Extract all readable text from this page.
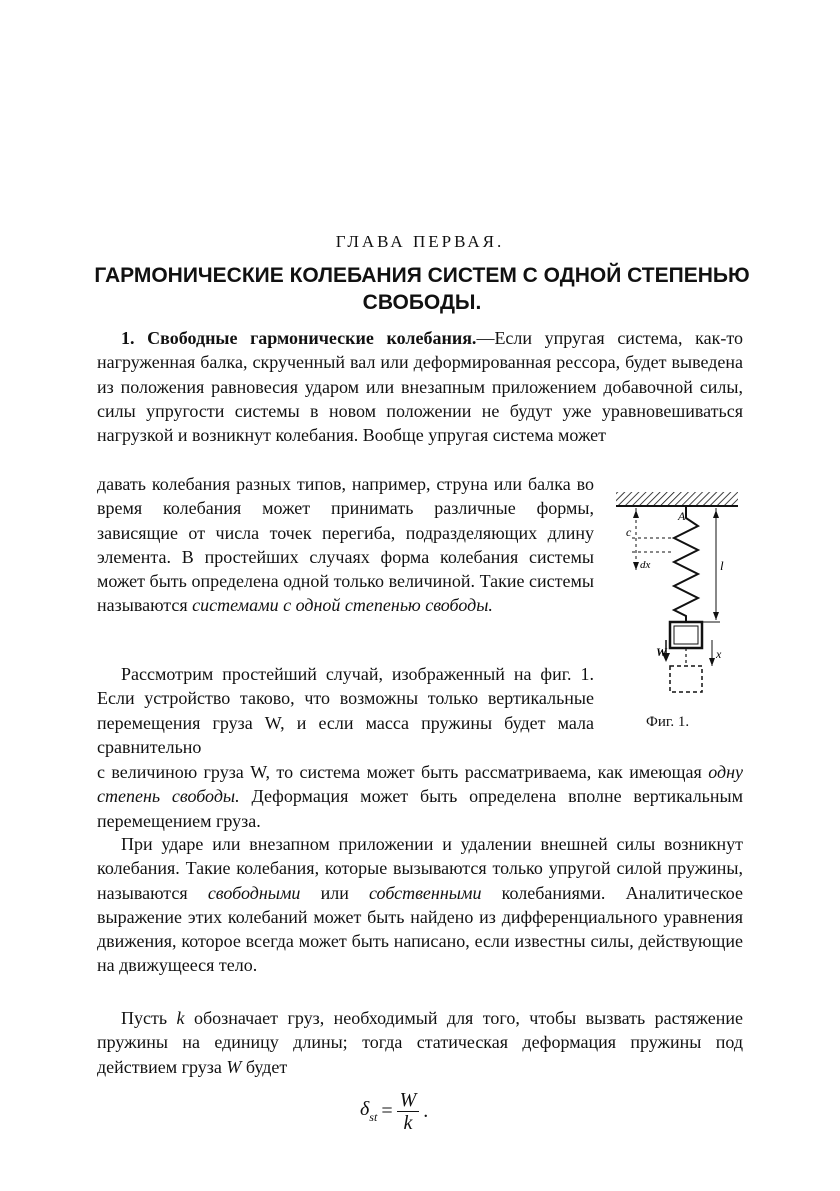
ГЛАВА ПЕРВАЯ.
ГАРМОНИЧЕСКИЕ КОЛЕБАНИЯ СИСТЕМ С ОДНОЙ СТЕПЕНЬЮ СВОБОДЫ.
1. Свободные гармонические колебания.—Если упругая система, как-то нагруженная балка, скрученный вал или деформированная рессора, будет выведена из положения равновесия ударом или внезапным приложением добавочной силы, силы упругости системы в новом положении не будут уже уравновешиваться нагрузкой и возникнут колебания. Вообще упругая система может
давать колебания разных типов, например, струна или балка во время колебания может принимать различные формы, зависящие от числа точек перегиба, подразделяющих длину элемента. В простейших случаях форма колебания системы может быть определена одной только величиной. Такие системы называются системами с одной степенью свободы.
Рассмотрим простейший случай, изображенный на фиг. 1. Если устройство таково, что возможны только вертикальные перемещения груза W, и если масса пружины будет мала сравнительно
с величиною груза W, то система может быть рассматриваема, как имеющая одну степень свободы. Деформация может быть определена вполне вертикальным перемещением груза.
При ударе или внезапном приложении и удалении внешней силы возникнут колебания. Такие колебания, которые вызываются только упругой силой пружины, называются свободными или собственными колебаниями. Аналитическое выражение этих колебаний может быть найдено из дифференциального уравнения движения, которое всегда может быть написано, если известны силы, действующие на движущееся тело.
Пусть k обозначает груз, необходимый для того, чтобы вызвать растяжение пружины на единицу длины; тогда статическая деформация пружины под действием груза W будет
A
c
dx	l
W	x
Фиг. 1.
$\delta_{st} = \frac{W}{k}$ .
